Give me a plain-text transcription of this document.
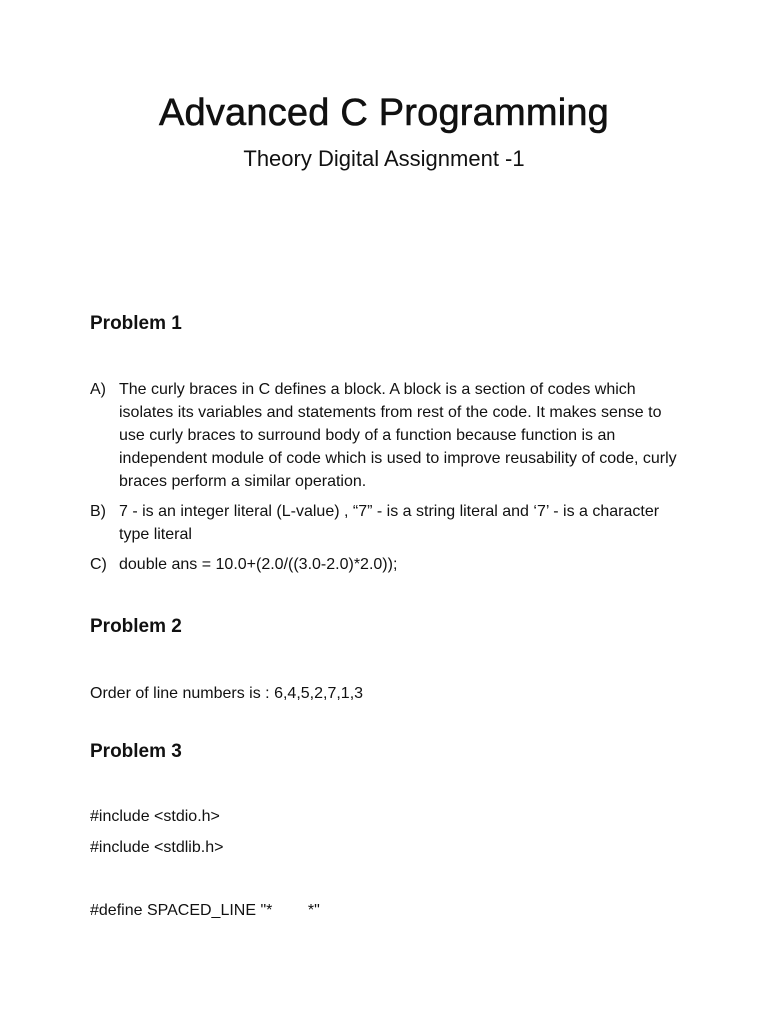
Advanced C Programming

Theory Digital Assignment -1

Problem 1
A) The curly braces in C defines a block. A block is a section of codes which isolates its variables and statements from rest of the code. It makes sense to use curly braces to surround body of a function because function is an independent module of code which is used to improve reusability of code, curly braces perform a similar operation.
B) 7 - is an integer literal (L-value) , “7” - is a string literal and ‘7’ - is a character type literal
C) double ans = 10.0+(2.0/((3.0-2.0)*2.0));
Problem 2

Order of line numbers is : 6,4,5,2,7,1,3

Problem 3

#include <stdio.h>

#include <stdlib.h>

#define SPACED_LINE "*        *"
